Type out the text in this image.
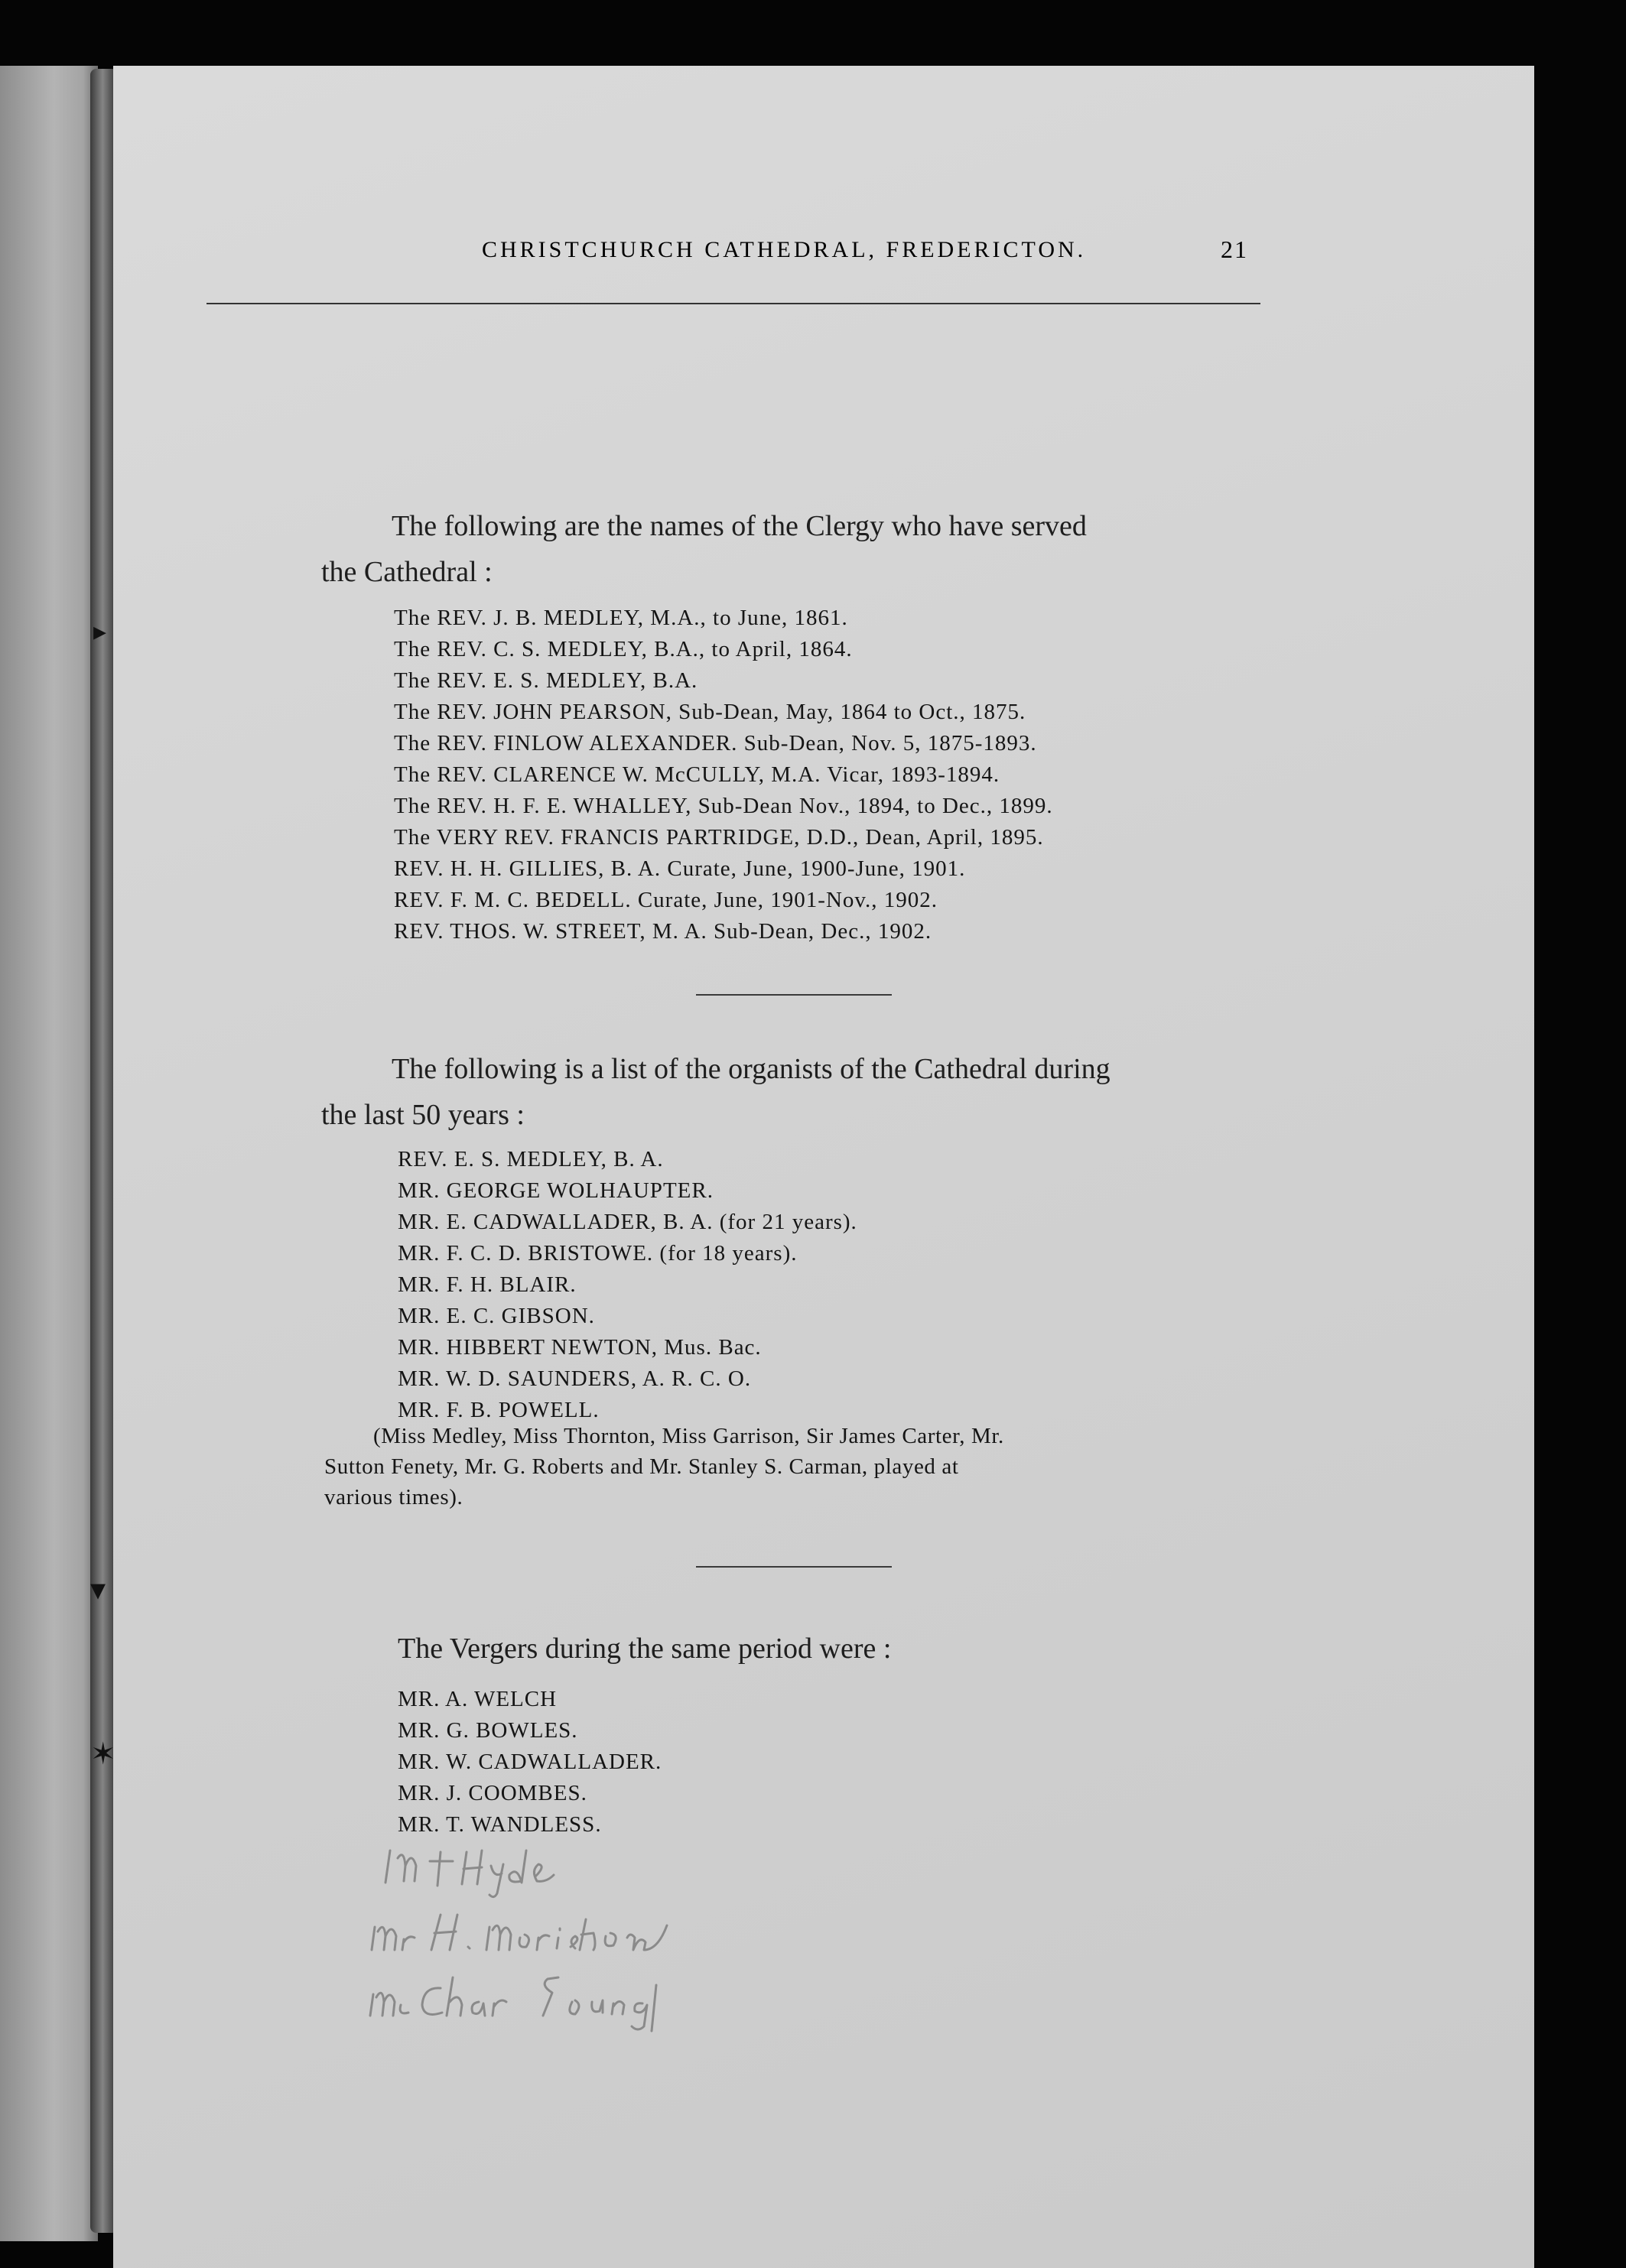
▸
▾
✶
CHRISTCHURCH CATHEDRAL, FREDERICTON.	21
The following are the names of the Clergy who have served
the Cathedral :
The REV. J. B. MEDLEY, M.A., to June, 1861.
The REV. C. S. MEDLEY, B.A., to April, 1864.
The REV. E. S. MEDLEY, B.A.
The REV. JOHN PEARSON, Sub-Dean, May, 1864 to Oct., 1875.
The REV. FINLOW ALEXANDER. Sub-Dean, Nov. 5, 1875-1893.
The REV. CLARENCE W. McCULLY, M.A. Vicar, 1893-1894.
The REV. H. F. E. WHALLEY, Sub-Dean Nov., 1894, to Dec., 1899.
The VERY REV. FRANCIS PARTRIDGE, D.D., Dean, April, 1895.
REV. H. H. GILLIES, B. A. Curate, June, 1900-June, 1901.
REV. F. M. C. BEDELL. Curate, June, 1901-Nov., 1902.
REV. THOS. W. STREET, M. A. Sub-Dean, Dec., 1902.
The following is a list of the organists of the Cathedral during
the last 50 years :
REV. E. S. MEDLEY, B. A.
MR. GEORGE WOLHAUPTER.
MR. E. CADWALLADER, B. A. (for 21 years).
MR. F. C. D. BRISTOWE. (for 18 years).
MR. F. H. BLAIR.
MR. E. C. GIBSON.
MR. HIBBERT NEWTON, Mus. Bac.
MR. W. D. SAUNDERS, A. R. C. O.
MR. F. B. POWELL.
(Miss Medley, Miss Thornton, Miss Garrison, Sir James Carter, Mr.
Sutton Fenety, Mr. G. Roberts and Mr. Stanley S. Carman, played at
various times).
The Vergers during the same period were :
MR. A. WELCH
MR. G. BOWLES.
MR. W. CADWALLADER.
MR. J. COOMBES.
MR. T. WANDLESS.
